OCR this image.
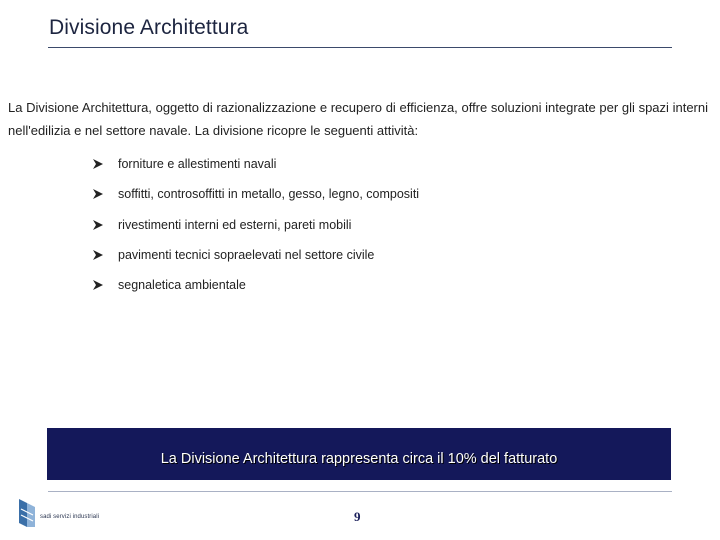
Divisione Architettura
La Divisione Architettura, oggetto di razionalizzazione e recupero di efficienza, offre soluzioni integrate per gli spazi interni nell'edilizia e nel settore navale. La divisione ricopre le seguenti attività:
forniture e allestimenti navali
soffitti, controsoffitti in metallo, gesso, legno, compositi
rivestimenti interni ed esterni, pareti mobili
pavimenti tecnici sopraelevati nel settore civile
segnaletica ambientale
La Divisione Architettura rappresenta circa il 10% del fatturato
sadi servizi industriali	9
